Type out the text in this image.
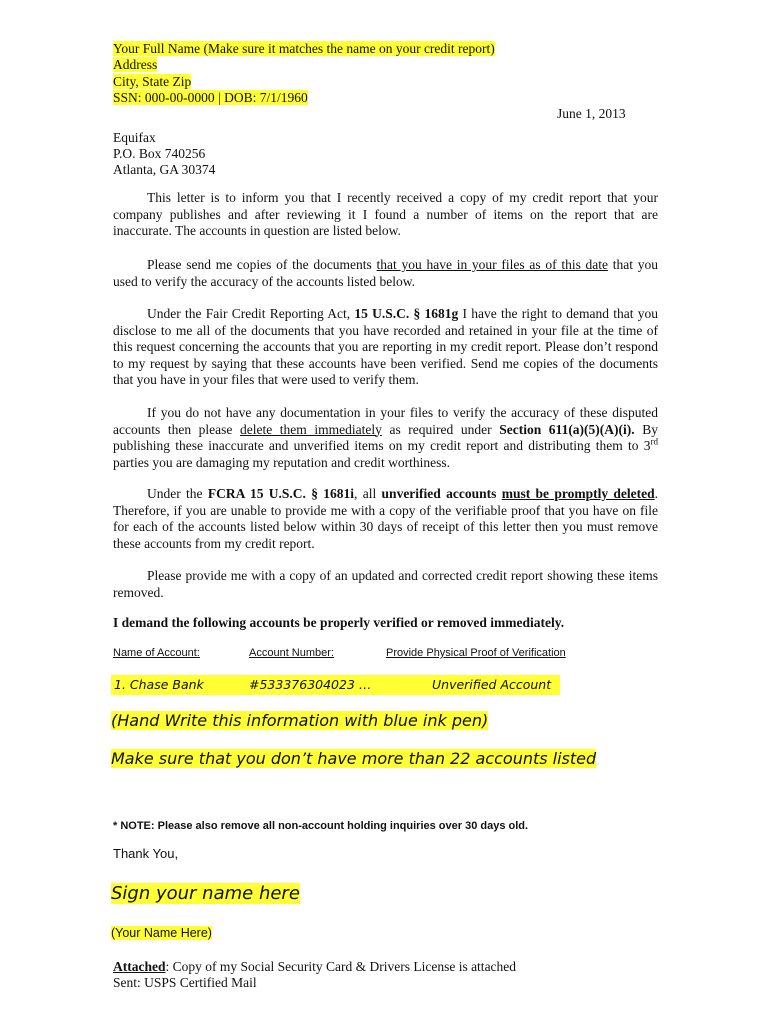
Your Full Name (Make sure it matches the name on your credit report)
Address
City, State Zip
SSN: 000-00-0000 | DOB: 7/1/1960
June 1, 2013
Equifax
P.O. Box 740256
Atlanta, GA 30374
This letter is to inform you that I recently received a copy of my credit report that your company publishes and after reviewing it I found a number of items on the report that are inaccurate. The accounts in question are listed below.
Please send me copies of the documents that you have in your files as of this date that you used to verify the accuracy of the accounts listed below.
Under the Fair Credit Reporting Act, 15 U.S.C. § 1681g I have the right to demand that you disclose to me all of the documents that you have recorded and retained in your file at the time of this request concerning the accounts that you are reporting in my credit report. Please don’t respond to my request by saying that these accounts have been verified. Send me copies of the documents that you have in your files that were used to verify them.
If you do not have any documentation in your files to verify the accuracy of these disputed accounts then please delete them immediately as required under Section 611(a)(5)(A)(i). By publishing these inaccurate and unverified items on my credit report and distributing them to 3rd parties you are damaging my reputation and credit worthiness.
Under the FCRA 15 U.S.C. § 1681i, all unverified accounts must be promptly deleted. Therefore, if you are unable to provide me with a copy of the verifiable proof that you have on file for each of the accounts listed below within 30 days of receipt of this letter then you must remove these accounts from my credit report.
Please provide me with a copy of an updated and corrected credit report showing these items removed.
I demand the following accounts be properly verified or removed immediately.
Name of Account:	Account Number:	Provide Physical Proof of Verification
1. Chase Bank	#533376304023 …	Unverified Account
(Hand Write this information with blue ink pen)
Make sure that you don’t have more than 22 accounts listed
* NOTE: Please also remove all non-account holding inquiries over 30 days old.
Thank You,
Sign your name here
(Your Name Here)
Attached: Copy of my Social Security Card & Drivers License is attached
Sent: USPS Certified Mail
